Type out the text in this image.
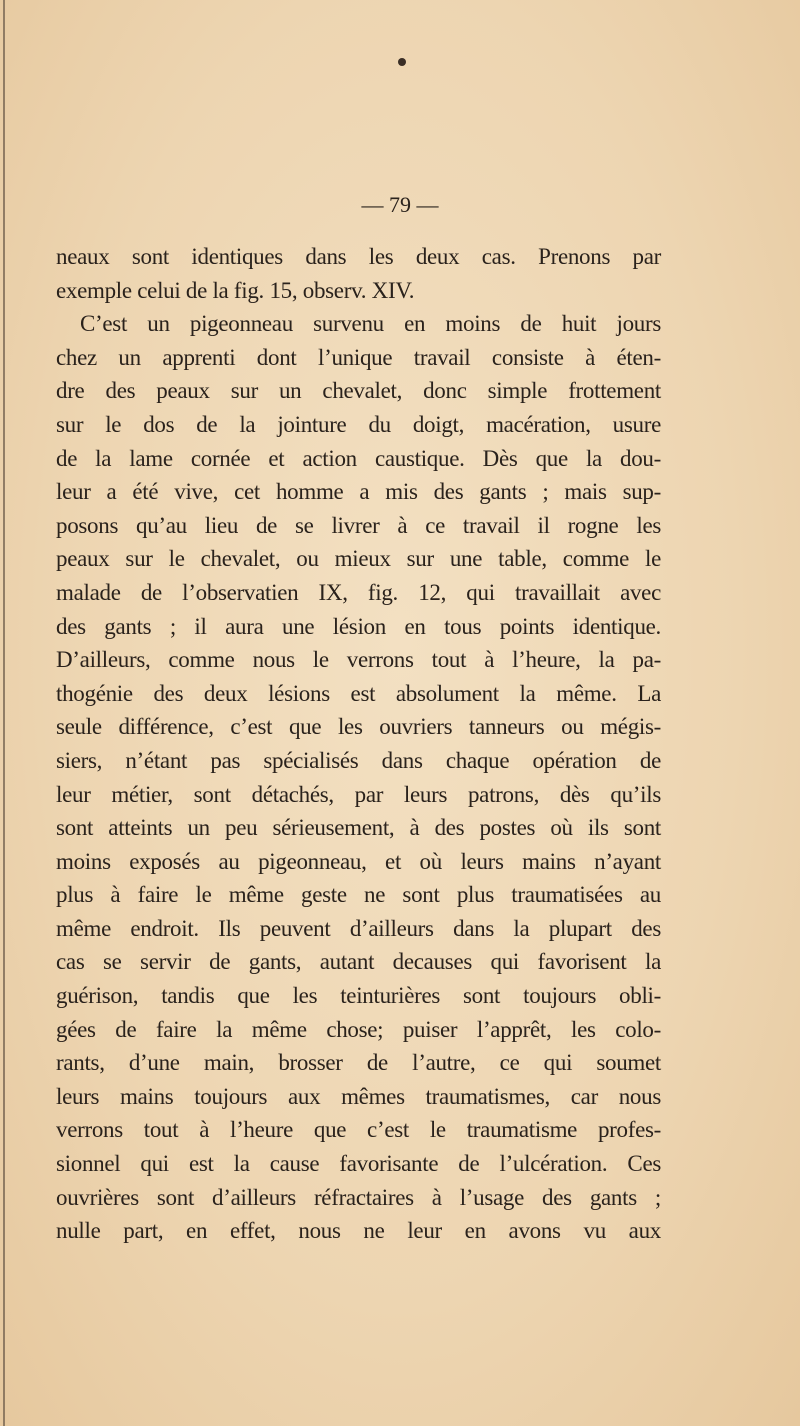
— 79 —
neaux sont identiques dans les deux cas. Prenons par
exemple celui de la fig. 15, observ. XIV.
C’est un pigeonneau survenu en moins de huit jours
chez un apprenti dont l’unique travail consiste à éten-
dre des peaux sur un chevalet, donc simple frottement
sur le dos de la jointure du doigt, macération, usure
de la lame cornée et action caustique. Dès que la dou-
leur a été vive, cet homme a mis des gants ; mais sup-
posons qu’au lieu de se livrer à ce travail il rogne les
peaux sur le chevalet, ou mieux sur une table, comme le
malade de l’observatien IX, fig. 12, qui travaillait avec
des gants ; il aura une lésion en tous points identique.
D’ailleurs, comme nous le verrons tout à l’heure, la pa-
thogénie des deux lésions est absolument la même. La
seule différence, c’est que les ouvriers tanneurs ou mégis-
siers, n’étant pas spécialisés dans chaque opération de
leur métier, sont détachés, par leurs patrons, dès qu’ils
sont atteints un peu sérieusement, à des postes où ils sont
moins exposés au pigeonneau, et où leurs mains n’ayant
plus à faire le même geste ne sont plus traumatisées au
même endroit. Ils peuvent d’ailleurs dans la plupart des
cas se servir de gants, autant decauses qui favorisent la
guérison, tandis que les teinturières sont toujours obli-
gées de faire la même chose; puiser l’apprêt, les colo-
rants, d’une main, brosser de l’autre, ce qui soumet
leurs mains toujours aux mêmes traumatismes, car nous
verrons tout à l’heure que c’est le traumatisme profes-
sionnel qui est la cause favorisante de l’ulcération. Ces
ouvrières sont d’ailleurs réfractaires à l’usage des gants ;
nulle part, en effet, nous ne leur en avons vu aux
